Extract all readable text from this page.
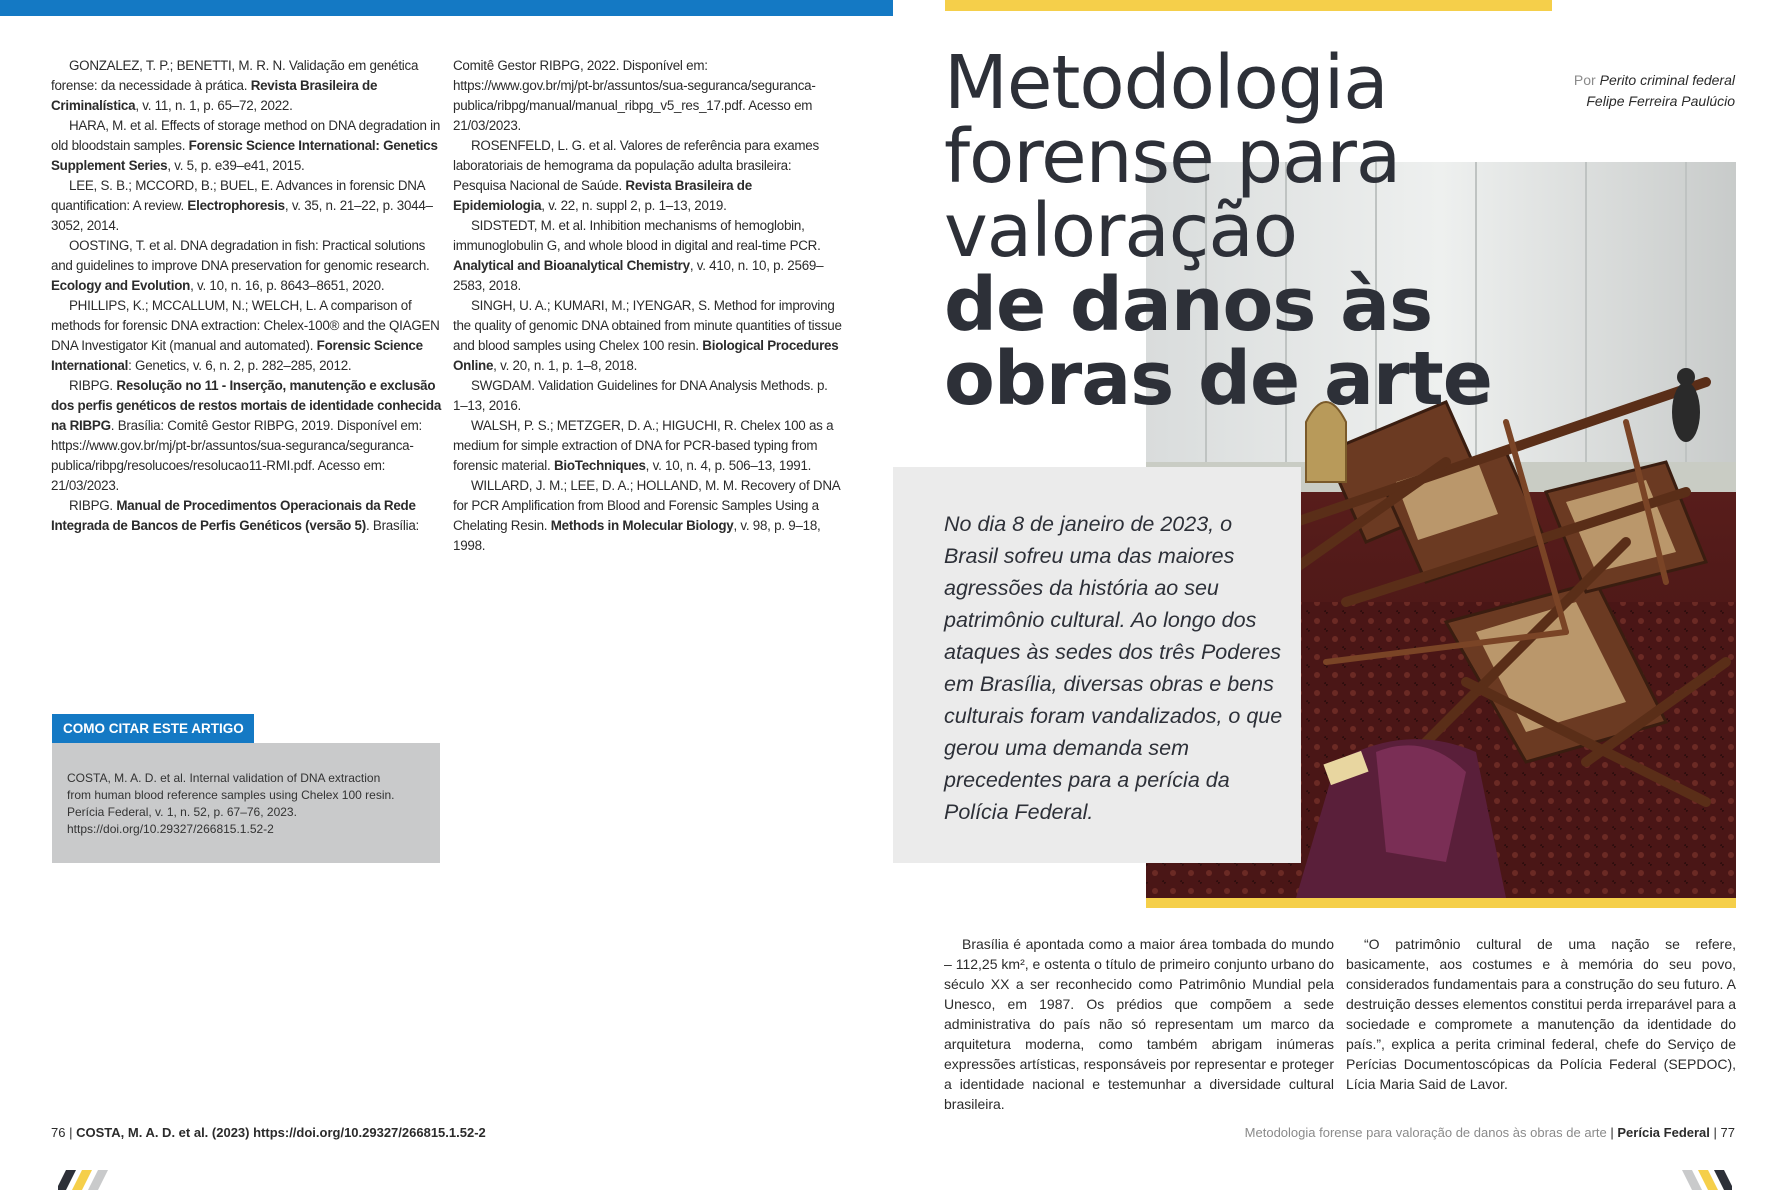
GONZALEZ, T. P.; BENETTI, M. R. N. Validação em genética forense: da necessidade à prática. Revista Brasileira de Criminalística, v. 11, n. 1, p. 65–72, 2022.

HARA, M. et al. Effects of storage method on DNA degradation in old bloodstain samples. Forensic Science International: Genetics Supplement Series, v. 5, p. e39–e41, 2015.

LEE, S. B.; MCCORD, B.; BUEL, E. Advances in forensic DNA quantification: A review. Electrophoresis, v. 35, n. 21–22, p. 3044–3052, 2014.

OOSTING, T. et al. DNA degradation in fish: Practical solutions and guidelines to improve DNA preservation for genomic research. Ecology and Evolution, v. 10, n. 16, p. 8643–8651, 2020.

PHILLIPS, K.; MCCALLUM, N.; WELCH, L. A comparison of methods for forensic DNA extraction: Chelex-100® and the QIAGEN DNA Investigator Kit (manual and automated). Forensic Science International: Genetics, v. 6, n. 2, p. 282–285, 2012.

RIBPG. Resolução no 11 - Inserção, manutenção e exclusão dos perfis genéticos de restos mortais de identidade conhecida na RIBPG. Brasília: Comitê Gestor RIBPG, 2019. Disponível em: https://www.gov.br/mj/pt-br/assuntos/sua-seguranca/seguranca-publica/ribpg/resolucoes/resolucao11-RMI.pdf. Acesso em: 21/03/2023.

RIBPG. Manual de Procedimentos Operacionais da Rede Integrada de Bancos de Perfis Genéticos (versão 5). Brasília:

Comitê Gestor RIBPG, 2022. Disponível em: https://www.gov.br/mj/pt-br/assuntos/sua-seguranca/seguranca-publica/ribpg/manual/manual_ribpg_v5_res_17.pdf. Acesso em 21/03/2023.

ROSENFELD, L. G. et al. Valores de referência para exames laboratoriais de hemograma da população adulta brasileira: Pesquisa Nacional de Saúde. Revista Brasileira de Epidemiologia, v. 22, n. suppl 2, p. 1–13, 2019.

SIDSTEDT, M. et al. Inhibition mechanisms of hemoglobin, immunoglobulin G, and whole blood in digital and real-time PCR. Analytical and Bioanalytical Chemistry, v. 410, n. 10, p. 2569–2583, 2018.

SINGH, U. A.; KUMARI, M.; IYENGAR, S. Method for improving the quality of genomic DNA obtained from minute quantities of tissue and blood samples using Chelex 100 resin. Biological Procedures Online, v. 20, n. 1, p. 1–8, 2018.

SWGDAM. Validation Guidelines for DNA Analysis Methods. p. 1–13, 2016.

WALSH, P. S.; METZGER, D. A.; HIGUCHI, R. Chelex 100 as a medium for simple extraction of DNA for PCR-based typing from forensic material. BioTechniques, v. 10, n. 4, p. 506–13, 1991.

WILLARD, J. M.; LEE, D. A.; HOLLAND, M. M. Recovery of DNA for PCR Amplification from Blood and Forensic Samples Using a Chelating Resin. Methods in Molecular Biology, v. 98, p. 9–18, 1998.

COMO CITAR ESTE ARTIGO
COSTA, M. A. D. et al. Internal validation of DNA extraction from human blood reference samples using Chelex 100 resin. Perícia Federal, v. 1, n. 52, p. 67–76, 2023. https://doi.org/10.29327/266815.1.52-2
Metodologia
forense para
valoração
de danos às
obras de arte
Por Perito criminal federal
Felipe Ferreira Paulúcio
No dia 8 de janeiro de 2023, o Brasil sofreu uma das maiores agressões da história ao seu patrimônio cultural. Ao longo dos ataques às sedes dos três Poderes em Brasília, diversas obras e bens culturais foram vandalizados, o que gerou uma demanda sem precedentes para a perícia da Polícia Federal.

Brasília é apontada como a maior área tombada do mundo – 112,25 km², e ostenta o título de primeiro conjunto urbano do século XX a ser reconhecido como Patrimônio Mundial pela Unesco, em 1987. Os prédios que compõem a sede administrativa do país não só representam um marco da arquitetura moderna, como também abrigam inúmeras expressões artísticas, responsáveis por representar e proteger a identidade nacional e testemunhar a diversidade cultural brasileira.

“O patrimônio cultural de uma nação se refere, basicamente, aos costumes e à memória do seu povo, considerados fundamentais para a construção do seu futuro. A destruição desses elementos constitui perda irreparável para a sociedade e compromete a manutenção da identidade do país.”, explica a perita criminal federal, chefe do Serviço de Perícias Documentoscópicas da Polícia Federal (SEPDOC), Lícia Maria Said de Lavor.

76 | COSTA, M. A. D. et al. (2023) https://doi.org/10.29327/266815.1.52-2	Metodologia forense para valoração de danos às obras de arte | Perícia Federal | 77
